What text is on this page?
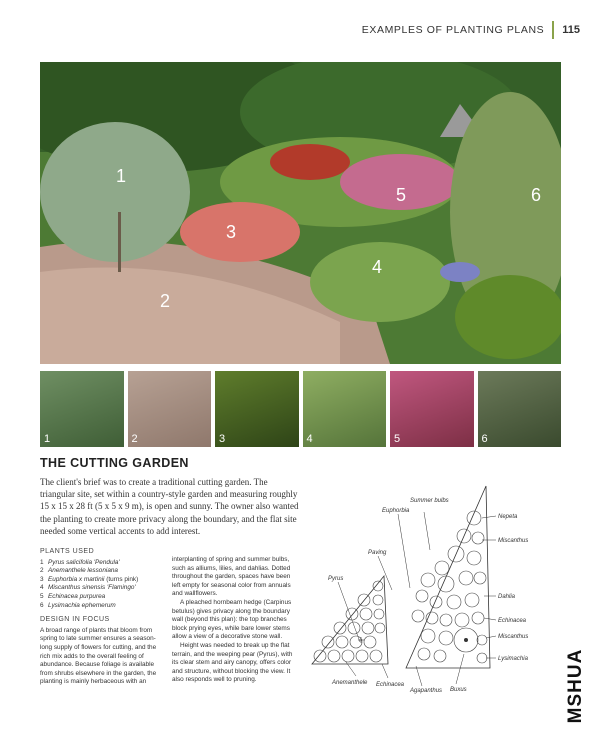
EXAMPLES OF PLANTING PLANS 115
1
2
3
4
5	6
1	2	3	4	5	6
THE CUTTING GARDEN

The client's brief was to create a traditional cutting garden. The triangular site, set within a country-style garden and measuring roughly 15 x 15 x 28 ft (5 x 5 x 9 m), is open and sunny. The owner also wanted the planting to create more privacy along the boundary, and the flat site needed some vertical accents to add interest.

PLANTS USED
1 Pyrus salicifolia 'Pendula'
2 Anemanthele lessoniana
3 Euphorbia x martinii (turns pink)
4 Miscanthus sinensis 'Flamingo'
5 Echinacea purpurea
6 Lysimachia ephemerum
DESIGN IN FOCUS

A broad range of plants that bloom from spring to late summer ensures a season-long supply of flowers for cutting, and the rich mix adds to the overall feeling of abundance. Because foliage is available from shrubs elsewhere in the garden, the planting is mainly herbaceous with an

interplanting of spring and summer bulbs, such as alliums, lilies, and dahlias. Dotted throughout the garden, spaces have been left empty for seasonal color from annuals and wallflowers.

A pleached hornbeam hedge (Carpinus betulus) gives privacy along the boundary wall (beyond this plan): the top branches block prying eyes, while bare lower stems allow a view of a decorative stone wall.

Height was needed to break up the flat terrain, and the weeping pear (Pyrus), with its clear stem and airy canopy, offers color and structure, without blocking the view. It also responds well to pruning.

Summer bulbs
Euphorbia
Paving
Pyrus
Anemanthele Echinacea
Agapanthus Buxus
Nepeta
Miscanthus
Dahlia
Echinacea
Miscanthus
Lysimachia MSHUA
